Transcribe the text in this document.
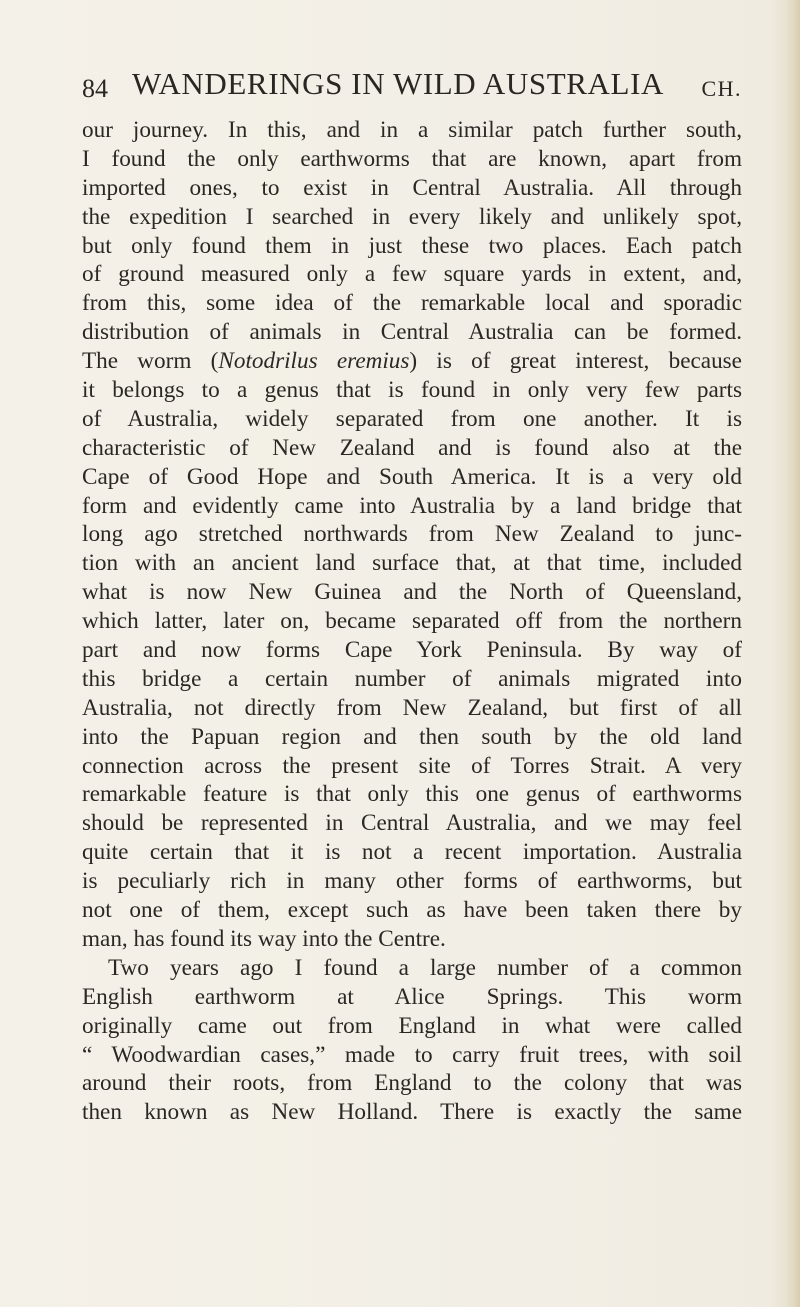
84 WANDERINGS IN WILD AUSTRALIA CH.
our journey. In this, and in a similar patch further south,
I found the only earthworms that are known, apart from
imported ones, to exist in Central Australia. All through
the expedition I searched in every likely and unlikely spot,
but only found them in just these two places. Each patch
of ground measured only a few square yards in extent, and,
from this, some idea of the remarkable local and sporadic
distribution of animals in Central Australia can be formed.
The worm (Notodrilus eremius) is of great interest, because
it belongs to a genus that is found in only very few parts
of Australia, widely separated from one another. It is
characteristic of New Zealand and is found also at the
Cape of Good Hope and South America. It is a very old
form and evidently came into Australia by a land bridge that
long ago stretched northwards from New Zealand to junc-
tion with an ancient land surface that, at that time, included
what is now New Guinea and the North of Queensland,
which latter, later on, became separated off from the northern
part and now forms Cape York Peninsula. By way of
this bridge a certain number of animals migrated into
Australia, not directly from New Zealand, but first of all
into the Papuan region and then south by the old land
connection across the present site of Torres Strait. A very
remarkable feature is that only this one genus of earthworms
should be represented in Central Australia, and we may feel
quite certain that it is not a recent importation. Australia
is peculiarly rich in many other forms of earthworms, but
not one of them, except such as have been taken there by
man, has found its way into the Centre.
Two years ago I found a large number of a common
English earthworm at Alice Springs. This worm
originally came out from England in what were called
“ Woodwardian cases,” made to carry fruit trees, with soil
around their roots, from England to the colony that was
then known as New Holland. There is exactly the same
